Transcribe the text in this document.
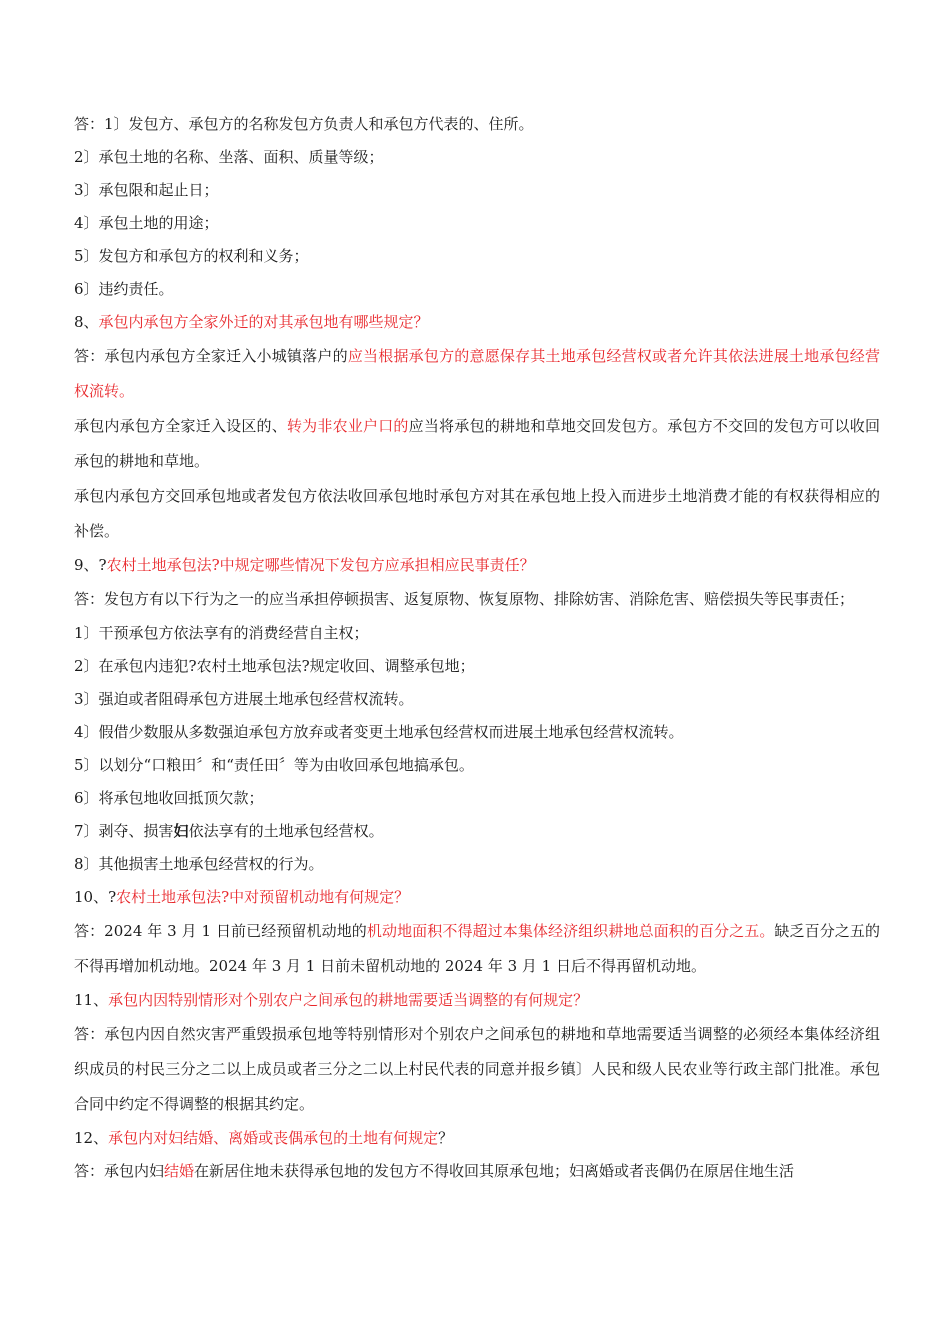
答：1〕发包方、承包方的名称发包方负责人和承包方代表的、住所。
2〕承包土地的名称、坐落、面积、质量等级；
3〕承包限和起止日；
4〕承包土地的用途；
5〕发包方和承包方的权利和义务；
6〕违约责任。
8、承包内承包方全家外迁的对其承包地有哪些规定？
答：承包内承包方全家迁入小城镇落户的应当根据承包方的意愿保存其土地承包经营权或者允许其依法进展土地承包经营权流转。
承包内承包方全家迁入设区的、转为非农业户口的应当将承包的耕地和草地交回发包方。承包方不交回的发包方可以收回承包的耕地和草地。
承包内承包方交回承包地或者发包方依法收回承包地时承包方对其在承包地上投入而进步土地消费才能的有权获得相应的补偿。
9、?农村土地承包法?中规定哪些情况下发包方应承担相应民事责任？
答：发包方有以下行为之一的应当承担停顿损害、返复原物、恢复原物、排除妨害、消除危害、赔偿损失等民事责任；
1〕干预承包方依法享有的消费经营自主权；
2〕在承包内违犯?农村土地承包法?规定收回、调整承包地；
3〕强迫或者阻碍承包方进展土地承包经营权流转。
4〕假借少数服从多数强迫承包方放弃或者变更土地承包经营权而进展土地承包经营权流转。
5〕以划分“口粮田〞和“责任田〞等为由收回承包地搞承包。
6〕将承包地收回抵顶欠款；
7〕剥夺、损害妇依法享有的土地承包经营权。
8〕其他损害土地承包经营权的行为。
10、?农村土地承包法?中对预留机动地有何规定？
答：2024 年 3 月 1 日前已经预留机动地的机动地面积不得超过本集体经济组织耕地总面积的百分之五。缺乏百分之五的不得再增加机动地。2024 年 3 月 1 日前未留机动地的 2024 年 3 月 1 日后不得再留机动地。
11、承包内因特别情形对个别农户之间承包的耕地需要适当调整的有何规定？
答：承包内因自然灾害严重毁损承包地等特别情形对个别农户之间承包的耕地和草地需要适当调整的必须经本集体经济组织成员的村民三分之二以上成员或者三分之二以上村民代表的同意并报乡镇〕人民和级人民农业等行政主部门批准。承包合同中约定不得调整的根据其约定。
12、承包内对妇结婚、离婚或丧偶承包的土地有何规定？
答：承包内妇结婚在新居住地未获得承包地的发包方不得收回其原承包地；妇离婚或者丧偶仍在原居住地生活
